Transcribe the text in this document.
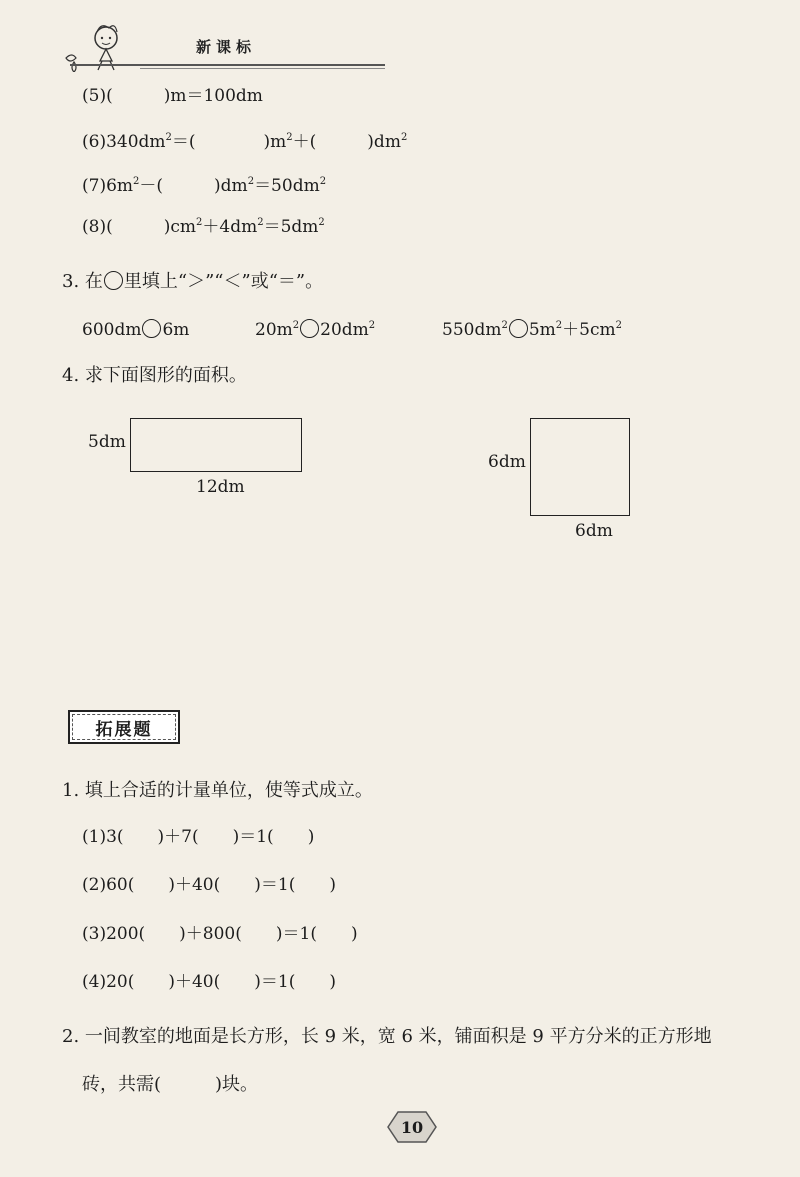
新课标
(5)(　　　)m＝100dm
$(6)340dm^2=$(　　　　)$m^2+$(　　　)$dm^2$
$(7)6m^2-$(　　　)$dm^2=50dm^2$
(8)(　　　)$cm^2+4dm^2=5dm^2$
3. 在 里填上“＞”“＜”或“＝”。
600dm 6m	$20m^2$ $20dm^2$	$550dm^2$ $5m^2+5cm^2$
4. 求下面图形的面积。
5dm
12dm
6dm
6dm
拓展题
1. 填上合适的计量单位，使等式成立。
(1)3(　　)＋7(　　)＝1(　　)
(2)60(　　)＋40(　　)＝1(　　)
(3)200(　　)＋800(　　)＝1(　　)
(4)20(　　)＋40(　　)＝1(　　)
2. 一间教室的地面是长方形，长 9 米，宽 6 米，铺面积是 9 平方分米的正方形地
砖，共需(　　　)块。
10
